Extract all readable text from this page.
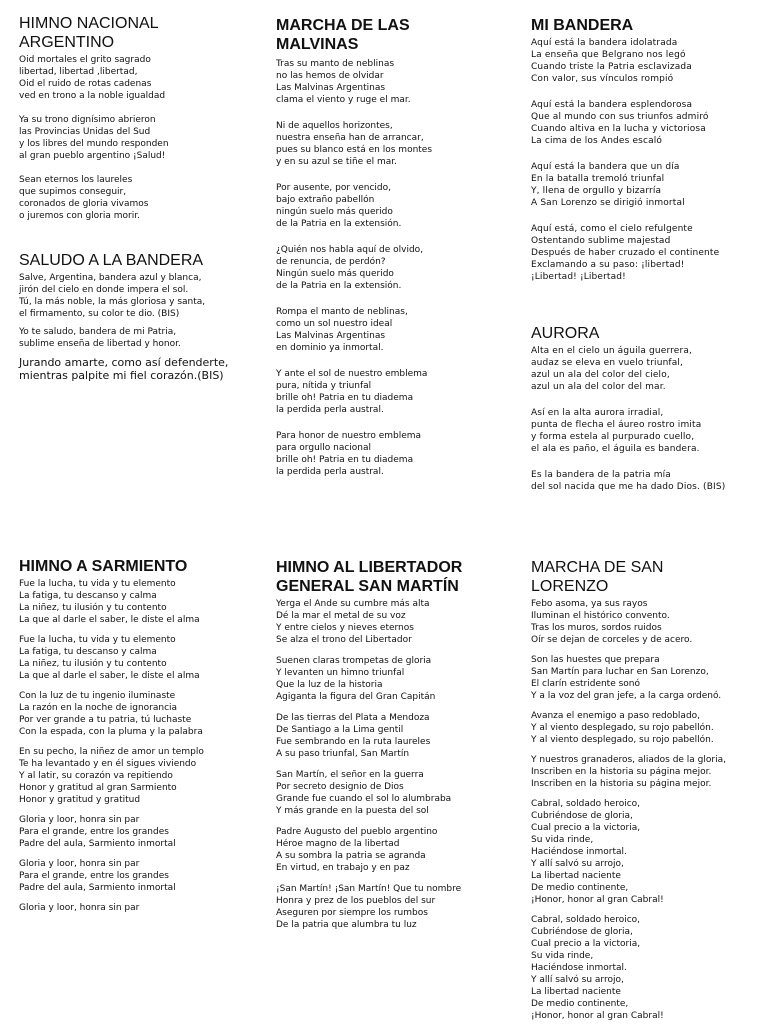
HIMNO NACIONAL
ARGENTINO
Oid mortales el grito sagrado
libertad, libertad ,libertad,
Oid el ruido de rotas cadenas
ved en trono a la noble igualdad
Ya su trono dignísimo abrieron
las Provincias Unidas del Sud
y los libres del mundo responden
al gran pueblo argentino ¡Salud!
Sean eternos los laureles
que supimos conseguir,
coronados de gloria vivamos
o juremos con gloria morir.
SALUDO A LA BANDERA
Salve, Argentina, bandera azul y blanca,
jirón del cielo en donde impera el sol.
Tú, la más noble, la más gloriosa y santa,
el firmamento, su color te dio. (BIS)
Yo te saludo, bandera de mi Patria,
sublime enseña de libertad y honor.
Jurando amarte, como así defenderte,
mientras palpite mi fiel corazón.(BIS)
MARCHA DE LAS
MALVINAS
Tras su manto de neblinas
no las hemos de olvidar
Las Malvinas Argentinas
clama el viento y ruge el mar.
Ni de aquellos horizontes,
nuestra enseña han de arrancar,
pues su blanco está en los montes
y en su azul se tiñe el mar.
Por ausente, por vencido,
bajo extraño pabellón
ningún suelo más querido
de la Patria en la extensión.
¿Quién nos habla aquí de olvido,
de renuncia, de perdón?
Ningún suelo más querido
de la Patria en la extensión.
Rompa el manto de neblinas,
como un sol nuestro ideal
Las Malvinas Argentinas
en dominio ya inmortal.
Y ante el sol de nuestro emblema
pura, nítida y triunfal
brille oh! Patria en tu diadema
la perdida perla austral.
Para honor de nuestro emblema
para orgullo nacional
brille oh! Patria en tu diadema
la perdida perla austral.
MI BANDERA
Aquí está la bandera idolatrada
La enseña que Belgrano nos legó
Cuando triste la Patria esclavizada
Con valor, sus vínculos rompió
Aquí está la bandera esplendorosa
Que al mundo con sus triunfos admiró
Cuando altiva en la lucha y victoriosa
La cima de los Andes escaló
Aquí está la bandera que un día
En la batalla tremoló triunfal
Y, llena de orgullo y bizarría
A San Lorenzo se dirigió inmortal
Aquí está, como el cielo refulgente
Ostentando sublime majestad
Después de haber cruzado el continente
Exclamando a su paso: ¡libertad!
¡Libertad! ¡Libertad!
AURORA
Alta en el cielo un águila guerrera,
audaz se eleva en vuelo triunfal,
azul un ala del color del cielo,
azul un ala del color del mar.
Así en la alta aurora irradial,
punta de flecha el áureo rostro imita
y forma estela al purpurado cuello,
el ala es paño, el águila es bandera.
Es la bandera de la patria mía
del sol nacida que me ha dado Dios. (BIS)
HIMNO A SARMIENTO
Fue la lucha, tu vida y tu elemento
La fatiga, tu descanso y calma
La niñez, tu ilusión y tu contento
La que al darle el saber, le diste el alma
Fue la lucha, tu vida y tu elemento
La fatiga, tu descanso y calma
La niñez, tu ilusión y tu contento
La que al darle el saber, le diste el alma
Con la luz de tu ingenio iluminaste
La razón en la noche de ignorancia
Por ver grande a tu patria, tú luchaste
Con la espada, con la pluma y la palabra
En su pecho, la niñez de amor un templo
Te ha levantado y en él sigues viviendo
Y al latir, su corazón va repitiendo
Honor y gratitud al gran Sarmiento
Honor y gratitud y gratitud
Gloria y loor, honra sin par
Para el grande, entre los grandes
Padre del aula, Sarmiento inmortal
Gloria y loor, honra sin par
Para el grande, entre los grandes
Padre del aula, Sarmiento inmortal
Gloria y loor, honra sin par
HIMNO AL LIBERTADOR
GENERAL SAN MARTÍN
Yerga el Ande su cumbre más alta
Dé la mar el metal de su voz
Y entre cielos y nieves eternos
Se alza el trono del Libertador
Suenen claras trompetas de gloria
Y levanten un himno triunfal
Que la luz de la historia
Agiganta la figura del Gran Capitán
De las tierras del Plata a Mendoza
De Santiago a la Lima gentil
Fue sembrando en la ruta laureles
A su paso triunfal, San Martín
San Martín, el señor en la guerra
Por secreto designio de Dios
Grande fue cuando el sol lo alumbraba
Y más grande en la puesta del sol
Padre Augusto del pueblo argentino
Héroe magno de la libertad
A su sombra la patria se agranda
En virtud, en trabajo y en paz
¡San Martín! ¡San Martín! Que tu nombre
Honra y prez de los pueblos del sur
Aseguren por siempre los rumbos
De la patria que alumbra tu luz
MARCHA DE SAN
LORENZO
Febo asoma, ya sus rayos
Iluminan el histórico convento.
Tras los muros, sordos ruidos
Oír se dejan de corceles y de acero.
Son las huestes que prepara
San Martín para luchar en San Lorenzo,
El clarín estridente sonó
Y a la voz del gran jefe, a la carga ordenó.
Avanza el enemigo a paso redoblado,
Y al viento desplegado, su rojo pabellón.
Y al viento desplegado, su rojo pabellón.
Y nuestros granaderos, aliados de la gloria,
Inscriben en la historia su página mejor.
Inscriben en la historia su página mejor.
Cabral, soldado heroico,
Cubriéndose de gloria,
Cual precio a la victoria,
Su vida rinde,
Haciéndose inmortal.
Y allí salvó su arrojo,
La libertad naciente
De medio continente,
¡Honor, honor al gran Cabral!
Cabral, soldado heroico,
Cubriéndose de gloria,
Cual precio a la victoria,
Su vida rinde,
Haciéndose inmortal.
Y allí salvó su arrojo,
La libertad naciente
De medio continente,
¡Honor, honor al gran Cabral!
